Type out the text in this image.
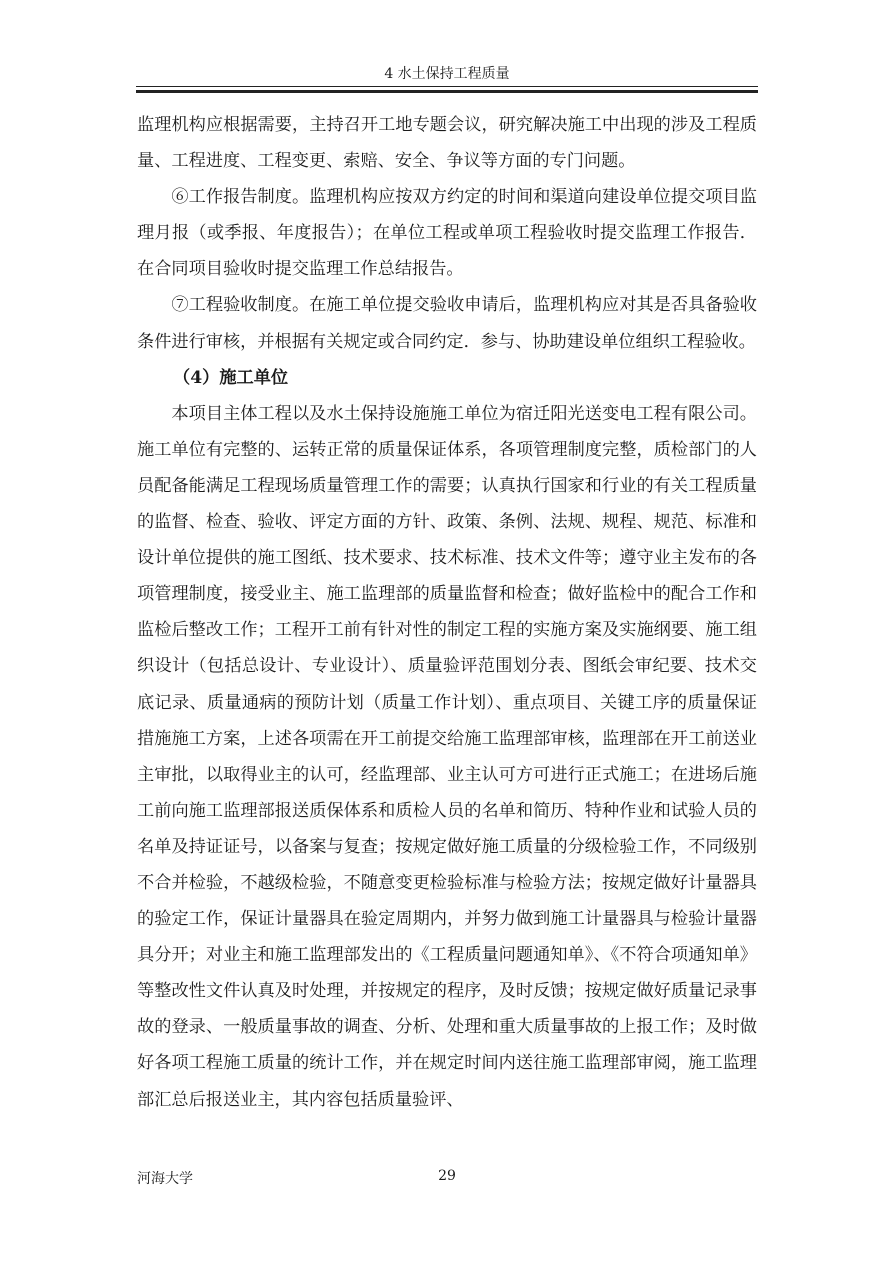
4 水土保持工程质量

监理机构应根据需要，主持召开工地专题会议，研究解决施工中出现的涉及工程质量、工程进度、工程变更、索赔、安全、争议等方面的专门问题。

⑥工作报告制度。监理机构应按双方约定的时间和渠道向建设单位提交项目监理月报（或季报、年度报告）；在单位工程或单项工程验收时提交监理工作报告．在合同项目验收时提交监理工作总结报告。

⑦工程验收制度。在施工单位提交验收申请后，监理机构应对其是否具备验收条件进行审核，并根据有关规定或合同约定．参与、协助建设单位组织工程验收。

（4）施工单位

本项目主体工程以及水土保持设施施工单位为宿迁阳光送变电工程有限公司。施工单位有完整的、运转正常的质量保证体系，各项管理制度完整，质检部门的人员配备能满足工程现场质量管理工作的需要；认真执行国家和行业的有关工程质量的监督、检查、验收、评定方面的方针、政策、条例、法规、规程、规范、标准和设计单位提供的施工图纸、技术要求、技术标准、技术文件等；遵守业主发布的各项管理制度，接受业主、施工监理部的质量监督和检查；做好监检中的配合工作和监检后整改工作；工程开工前有针对性的制定工程的实施方案及实施纲要、施工组织设计（包括总设计、专业设计）、质量验评范围划分表、图纸会审纪要、技术交底记录、质量通病的预防计划（质量工作计划）、重点项目、关键工序的质量保证措施施工方案，上述各项需在开工前提交给施工监理部审核，监理部在开工前送业主审批，以取得业主的认可，经监理部、业主认可方可进行正式施工；在进场后施工前向施工监理部报送质保体系和质检人员的名单和简历、特种作业和试验人员的名单及持证证号，以备案与复查；按规定做好施工质量的分级检验工作，不同级别不合并检验，不越级检验，不随意变更检验标准与检验方法；按规定做好计量器具的验定工作，保证计量器具在验定周期内，并努力做到施工计量器具与检验计量器具分开；对业主和施工监理部发出的《工程质量问题通知单》、《不符合项通知单》等整改性文件认真及时处理，并按规定的程序，及时反馈；按规定做好质量记录事故的登录、一般质量事故的调查、分析、处理和重大质量事故的上报工作；及时做好各项工程施工质量的统计工作，并在规定时间内送往施工监理部审阅，施工监理部汇总后报送业主，其内容包括质量验评、

河海大学	29
